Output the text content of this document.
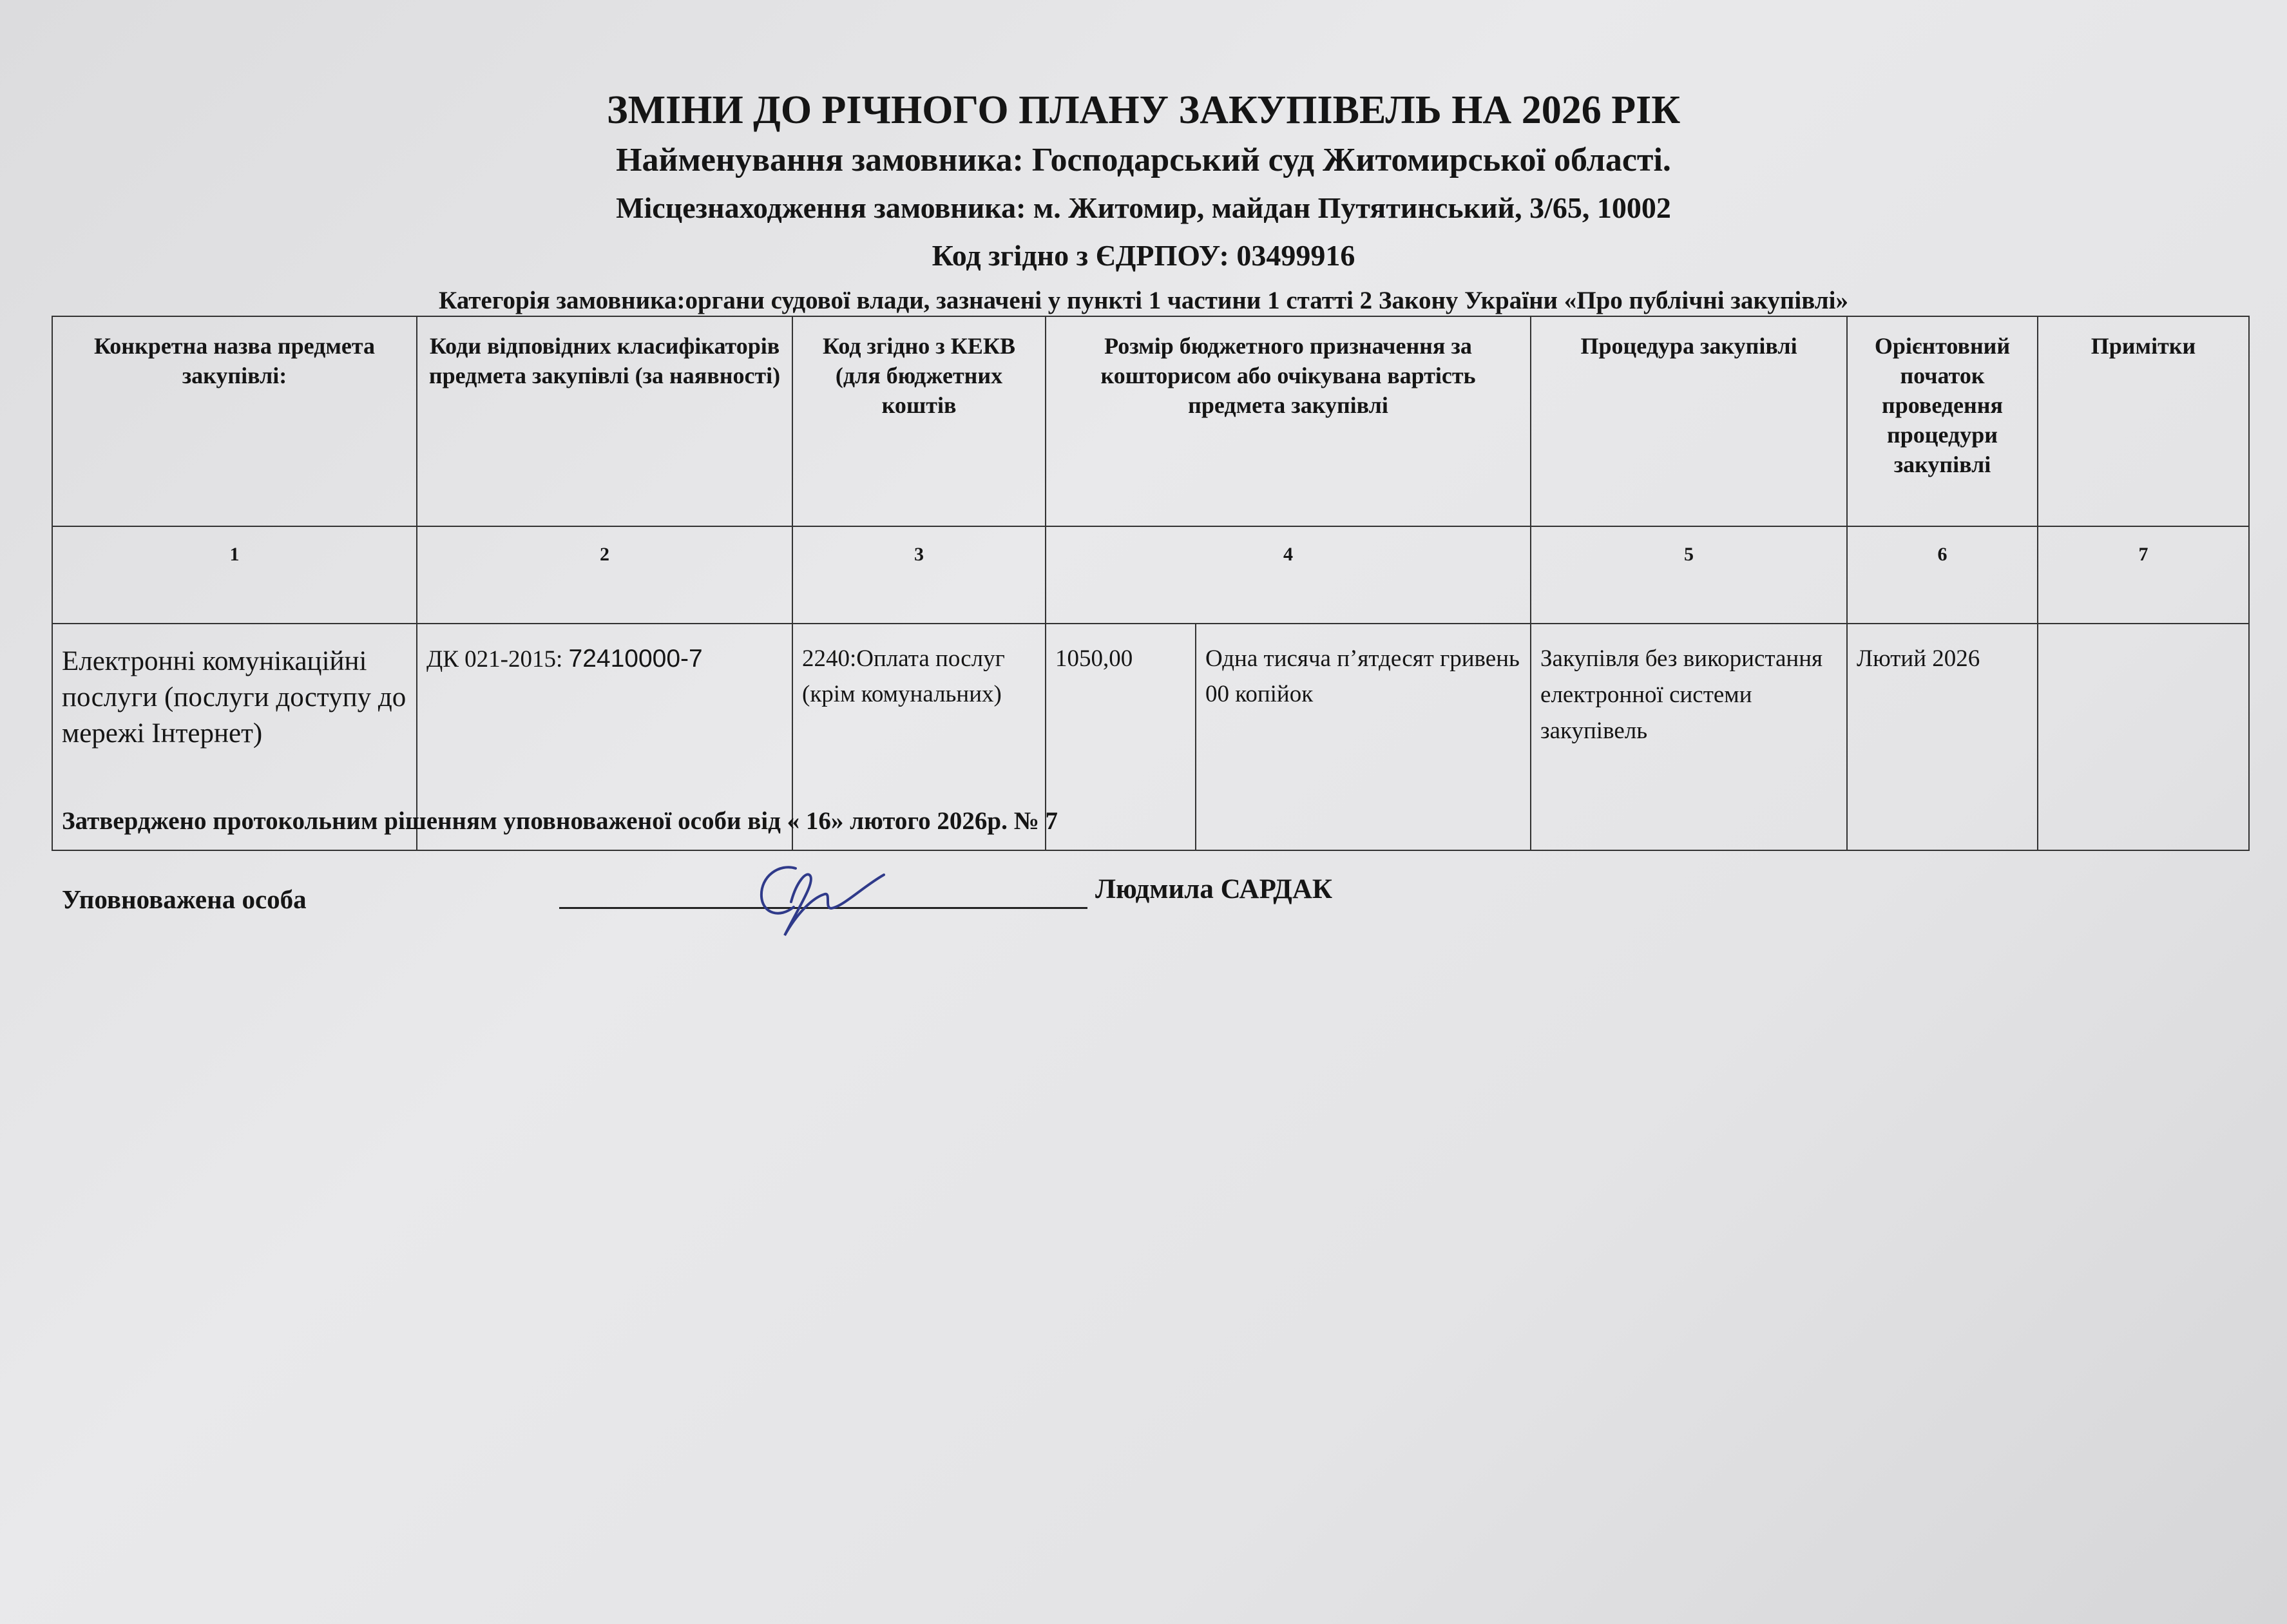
ЗМІНИ ДО РІЧНОГО ПЛАНУ ЗАКУПІВЕЛЬ НА 2026 РІК
Найменування замовника: Господарський суд Житомирської області.
Місцезнаходження замовника: м. Житомир, майдан Путятинський, 3/65, 10002
Код згідно з ЄДРПОУ: 03499916
Категорія замовника:органи судової влади, зазначені у пункті 1 частини 1 статті 2 Закону України «Про публічні закупівлі»
Конкретна назва предмета закупівлі:	Коди відповідних класифікаторів предмета закупівлі (за наявності)	Код згідно з КЕКВ (для бюджетних коштів	Розмір бюджетного призначення за кошторисом або очікувана вартість предмета закупівлі		Процедура закупівлі	Орієнтовний початок проведення процедури закупівлі	Примітки
1	2	3	4		5	6	7
Електронні комунікаційні послуги (послуги доступу до мережі Інтернет)	ДК 021-2015: 72410000-7	2240:Оплата послуг (крім комунальних)	1050,00	Одна тисяча п’ятдесят гривень 00 копійок	Закупівля без використання електронної системи закупівель	Лютий 2026	
Затверджено протокольним рішенням уповноваженої особи від « 16» лютого 2026р. № 7
Уповноважена особа	Людмила САРДАК
